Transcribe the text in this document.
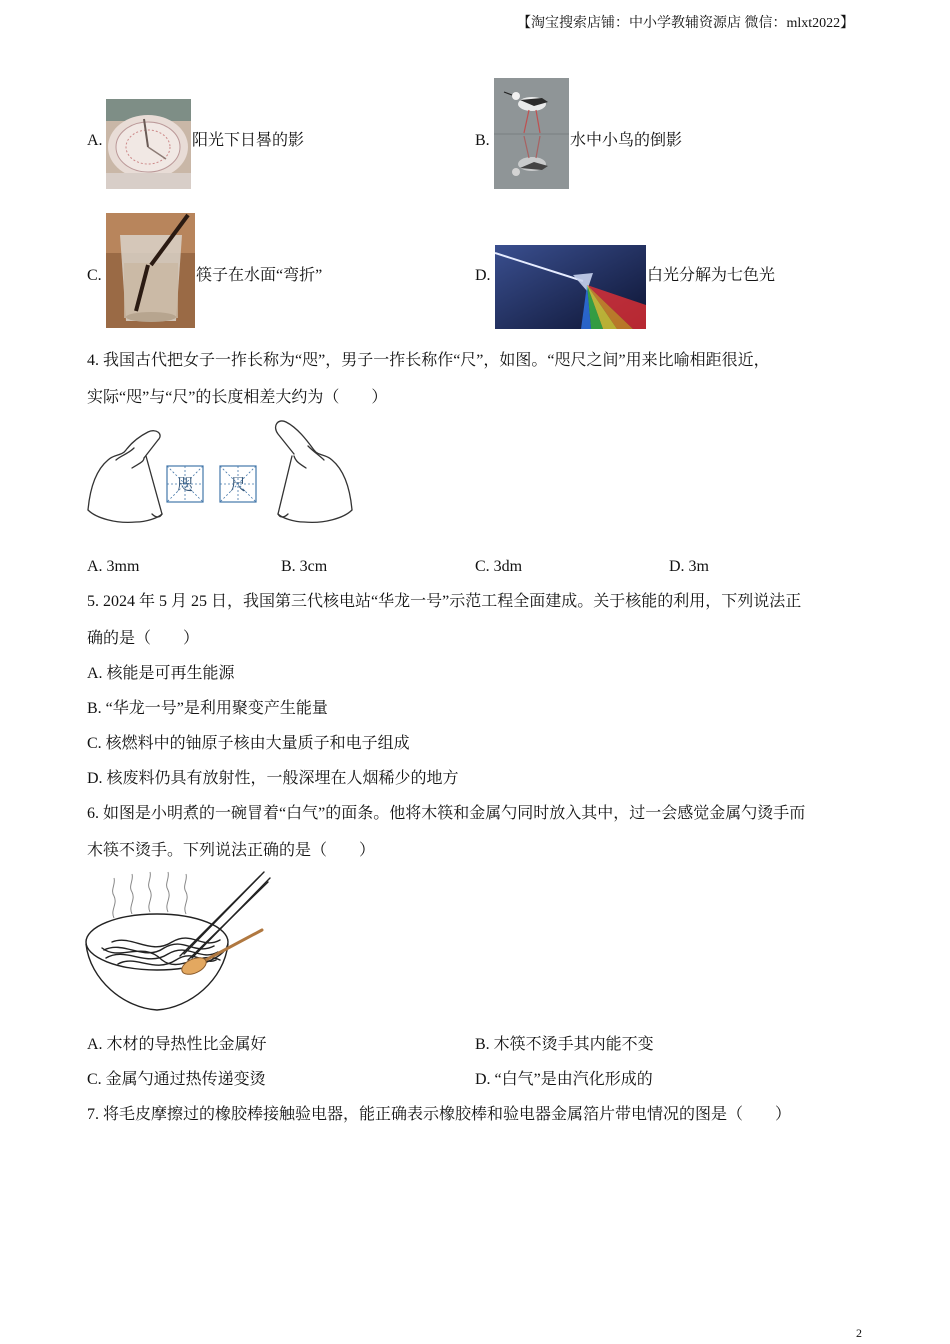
【淘宝搜索店铺：中小学教辅资源店 微信：mlxt2022】
A.	阳光下日晷的影	B.	水中小鸟的倒影
C.	筷子在水面“弯折”	D.	白光分解为七色光
4. 我国古代把女子一拃长称为“咫”，男子一拃长称作“尺”，如图。“咫尺之间”用来比喻相距很近，
实际“咫”与“尺”的长度相差大约为（　　）
咫 尺
A. 3mm	B. 3cm	C. 3dm	D. 3m
5. 2024 年 5 月 25 日，我国第三代核电站“华龙一号”示范工程全面建成。关于核能的利用，下列说法正
确的是（　　）
A. 核能是可再生能源
B. “华龙一号”是利用聚变产生能量
C. 核燃料中的铀原子核由大量质子和电子组成
D. 核废料仍具有放射性，一般深埋在人烟稀少的地方
6. 如图是小明煮的一碗冒着“白气”的面条。他将木筷和金属勺同时放入其中，过一会感觉金属勺烫手而
木筷不烫手。下列说法正确的是（　　）
A. 木材的导热性比金属好	B. 木筷不烫手其内能不变
C. 金属勺通过热传递变烫	D. “白气”是由汽化形成的
7. 将毛皮摩擦过的橡胶棒接触验电器，能正确表示橡胶棒和验电器金属箔片带电情况的图是（　　）
2
